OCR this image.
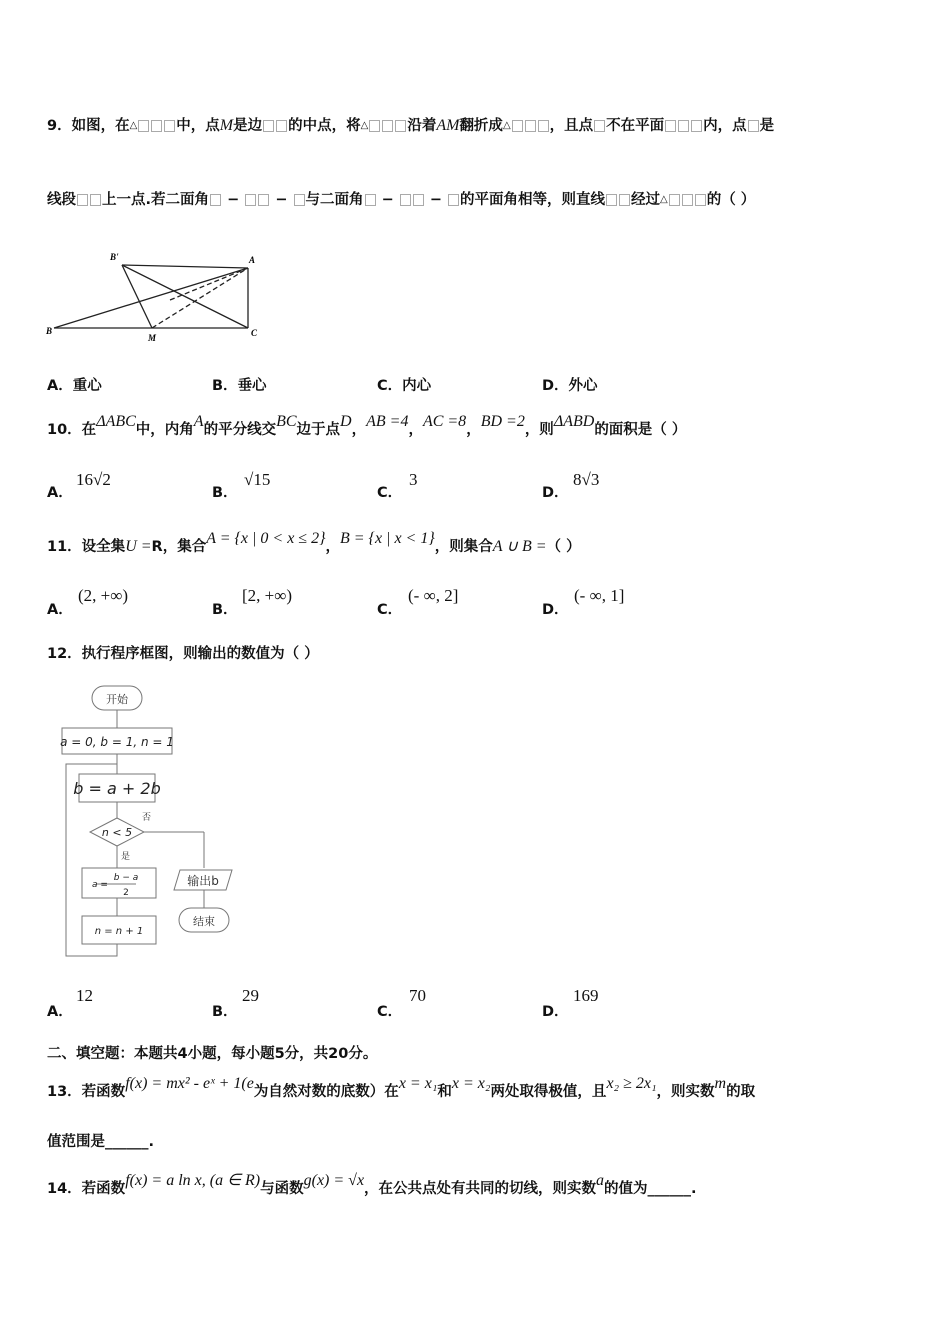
9．如图，在△	中，点M是边 的中点，将△	沿着AM翻折成△	，且点 不在平面	内，点 是
线段 上一点.若二面角 −  − 与二面角 −  − 的平面角相等，则直线 经过△	的（ ）
B'	A
B
M	C
A．重心	B．垂心	C．内心	D．外心
10．在ΔABC中，内角A的平分线交BC边于点D，AB =4，AC =8，BD =2，则ΔABD的面积是（ ）
A．
16√2
B．
√15
C．
3
D．
8√3
11．设全集U =R，集合A = {x | 0 < x ≤ 2}，B = {x | x < 1}，则集合A ∪ B =（ ）
A．
(2, +∞)
B．
[2, +∞)
C．
(- ∞, 2]
D．
(- ∞, 1]
12．执行程序框图，则输出的数值为（ ）
开始
a = 0, b = 1, n = 1
b = a + 2b
n < 5
否
是
a =
b − a
2
n = n + 1
输出b
结束
A．
12
B．
29
C．
70
D．
169
二、填空题：本题共4小题，每小题5分，共20分。
13．若函数f(x) = mx² - eˣ + 1(e为自然对数的底数）在x = x₁和x = x₂两处取得极值，且x₂ ≥ 2x₁，则实数m的取
值范围是______.
14．若函数f(x) = a ln x, (a ∈ R)与函数g(x) = √x，在公共点处有共同的切线，则实数a的值为______.
